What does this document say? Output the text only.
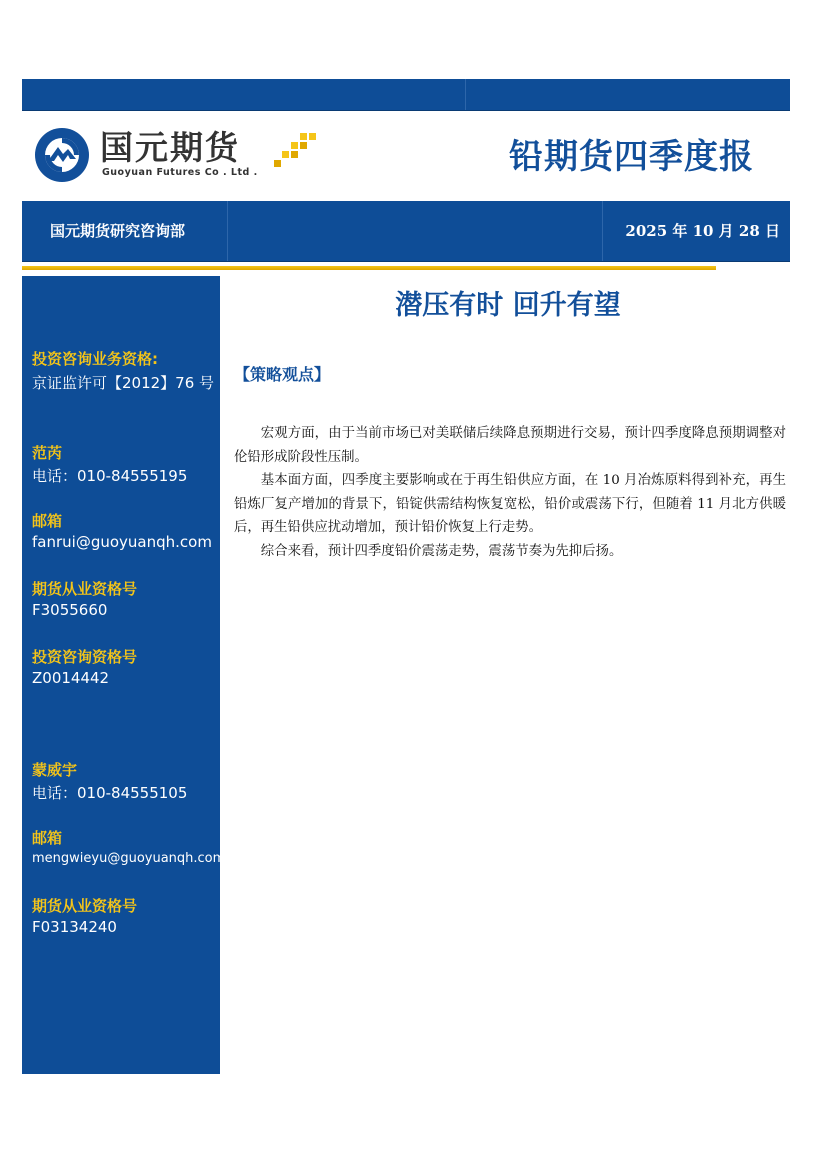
国元期货
Guoyuan Futures Co . Ltd .	铅期货四季度报
国元期货研究咨询部	2025 年 10 月 28 日
投资咨询业务资格:
京证监许可【2012】76 号
范芮
电话：010-84555195
邮箱
fanrui@guoyuanqh.com
期货从业资格号
F3055660
投资咨询资格号
Z0014442
蒙威宇
电话：010-84555105
邮箱
mengwieyu@guoyuanqh.com
期货从业资格号
F03134240
潜压有时 回升有望
【策略观点】

宏观方面，由于当前市场已对美联储后续降息预期进行交易，预计四季度降息预期调整对伦铅形成阶段性压制。

基本面方面，四季度主要影响或在于再生铅供应方面，在 10 月冶炼原料得到补充，再生铅炼厂复产增加的背景下，铅锭供需结构恢复宽松，铅价或震荡下行，但随着 11 月北方供暖后，再生铅供应扰动增加，预计铅价恢复上行走势。

综合来看，预计四季度铅价震荡走势，震荡节奏为先抑后扬。
